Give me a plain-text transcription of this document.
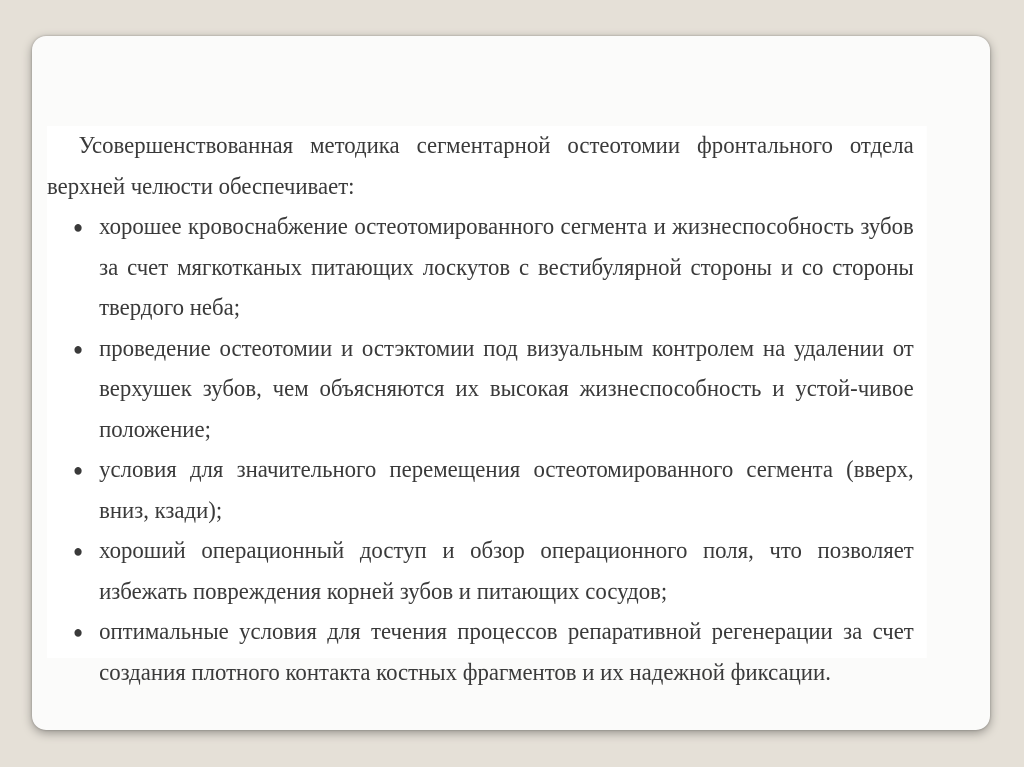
Усовершенствованная методика сегментарной остеотомии фронтального отдела верхней челюсти обеспечивает:

● хорошее кровоснабжение остеотомированного сегмента и жизнеспособность зубов за счет мягкотканых питающих лоскутов с вестибулярной стороны и со стороны твердого неба;
● проведение остеотомии и остэктомии под визуальным контролем на удалении от верхушек зубов, чем объясняются их высокая жизнеспособность и устой-чивое положение;
● условия для значительного перемещения остеотомированного сегмента (вверх, вниз, кзади);
● хороший операционный доступ и обзор операционного поля, что позволяет избежать повреждения корней зубов и питающих сосудов;
● оптимальные условия для течения процессов репаративной регенерации за счет создания плотного контакта костных фрагментов и их надежной фиксации.
